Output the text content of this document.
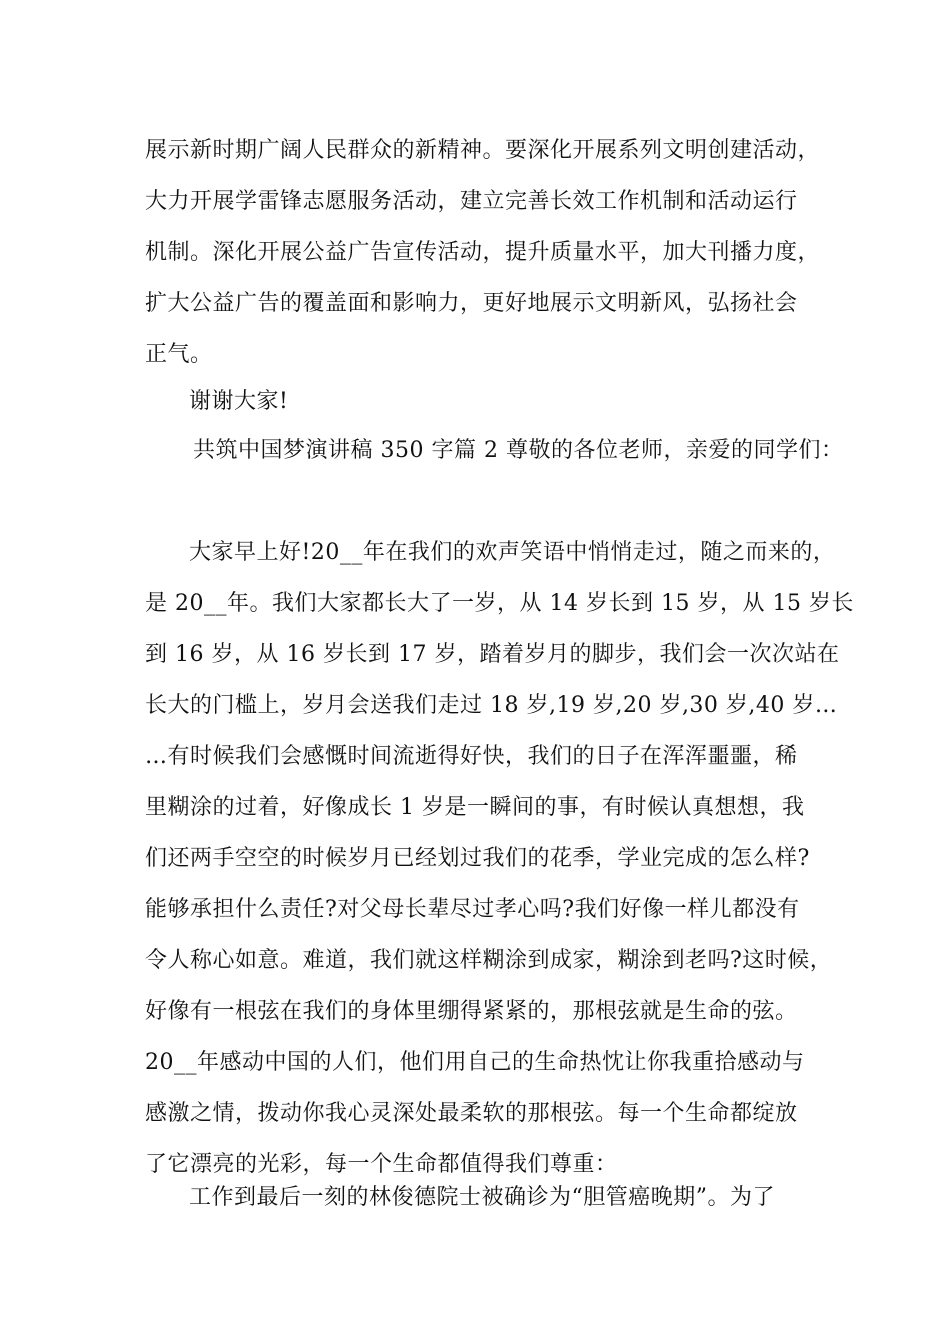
展示新时期广阔人民群众的新精神。要深化开展系列文明创建活动，
大力开展学雷锋志愿服务活动，建立完善长效工作机制和活动运行
机制。深化开展公益广告宣传活动，提升质量水平，加大刊播力度，
扩大公益广告的覆盖面和影响力，更好地展示文明新风，弘扬社会
正气。
谢谢大家!
共筑中国梦演讲稿 350 字篇 2 尊敬的各位老师，亲爱的同学们：
大家早上好!20__年在我们的欢声笑语中悄悄走过，随之而来的，
是 20__年。我们大家都长大了一岁，从 14 岁长到 15 岁，从 15 岁长
到 16 岁，从 16 岁长到 17 岁，踏着岁月的脚步，我们会一次次站在
长大的门槛上，岁月会送我们走过 18 岁,19 岁,20 岁,30 岁,40 岁…
…有时候我们会感慨时间流逝得好快，我们的日子在浑浑噩噩，稀
里糊涂的过着，好像成长 1 岁是一瞬间的事，有时候认真想想，我
们还两手空空的时候岁月已经划过我们的花季，学业完成的怎么样?
能够承担什么责任?对父母长辈尽过孝心吗?我们好像一样儿都没有
令人称心如意。难道，我们就这样糊涂到成家，糊涂到老吗?这时候，
好像有一根弦在我们的身体里绷得紧紧的，那根弦就是生命的弦。
20__年感动中国的人们，他们用自己的生命热忱让你我重拾感动与
感激之情，拨动你我心灵深处最柔软的那根弦。每一个生命都绽放
了它漂亮的光彩，每一个生命都值得我们尊重：
工作到最后一刻的林俊德院士被确诊为“胆管癌晚期”。为了
